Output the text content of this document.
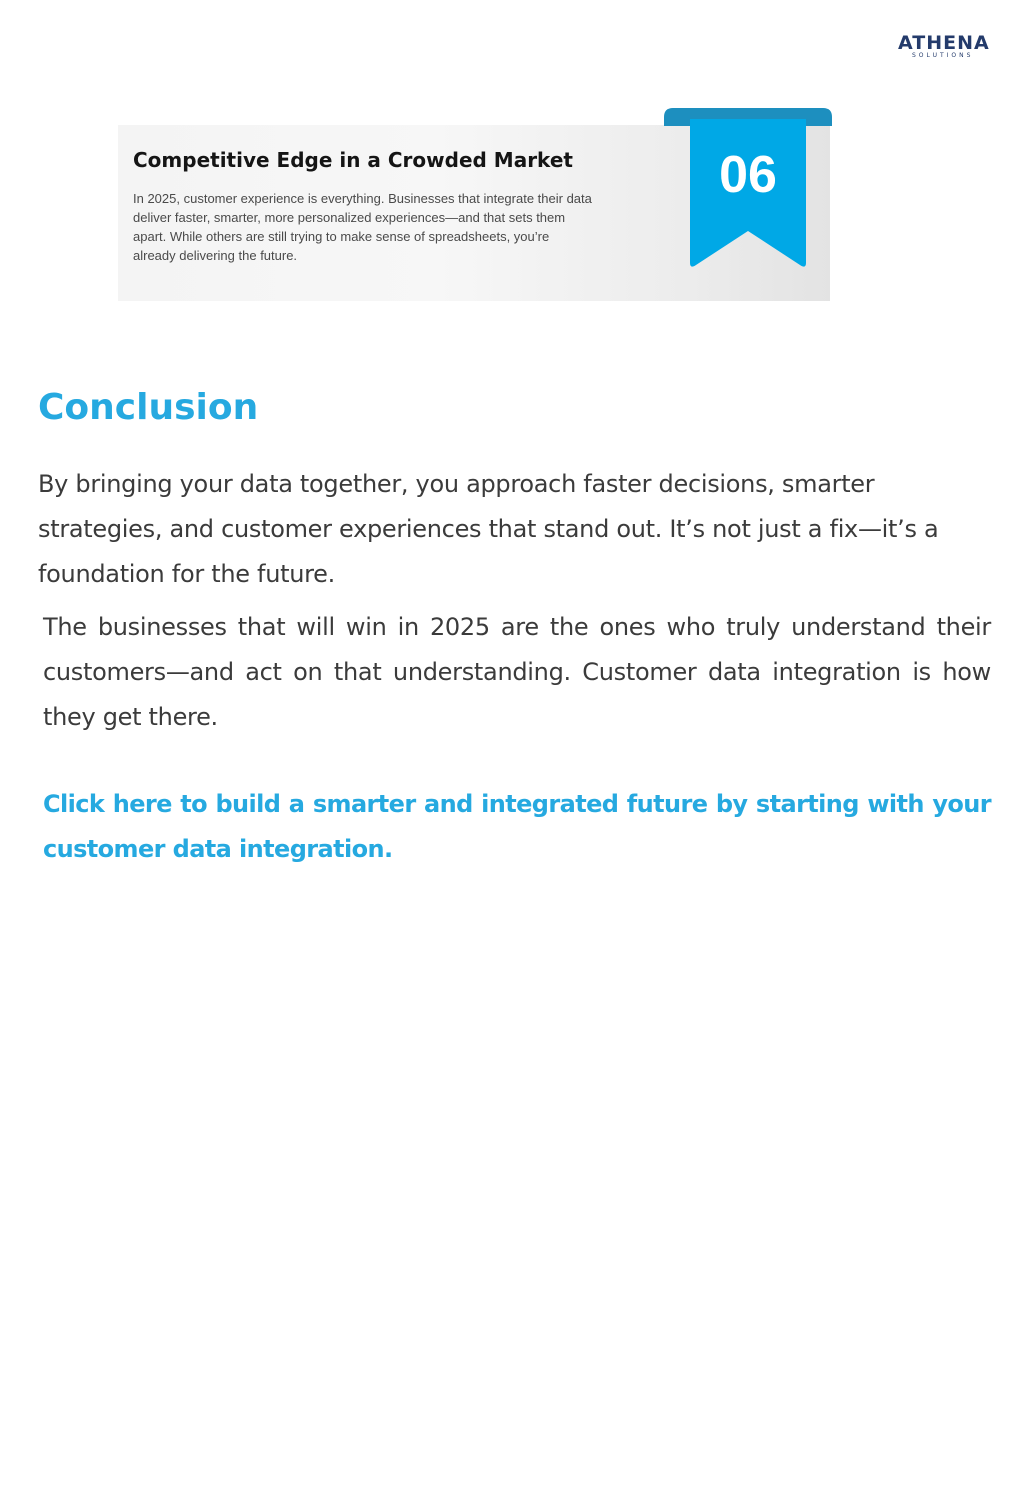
ATHENA
SOLUTIONS
Competitive Edge in a Crowded Market

In 2025, customer experience is everything. Businesses that integrate their data deliver faster, smarter, more personalized experiences—and that sets them apart. While others are still trying to make sense of spreadsheets, you’re already delivering the future.

06
Conclusion

By bringing your data together, you approach faster decisions, smarter strategies, and customer experiences that stand out. It’s not just a fix—it’s a foundation for the future.

The businesses that will win in 2025 are the ones who truly understand their customers—and act on that understanding. Customer data integration is how they get there.

Click here to build a smarter and integrated future by starting with your customer data integration.
